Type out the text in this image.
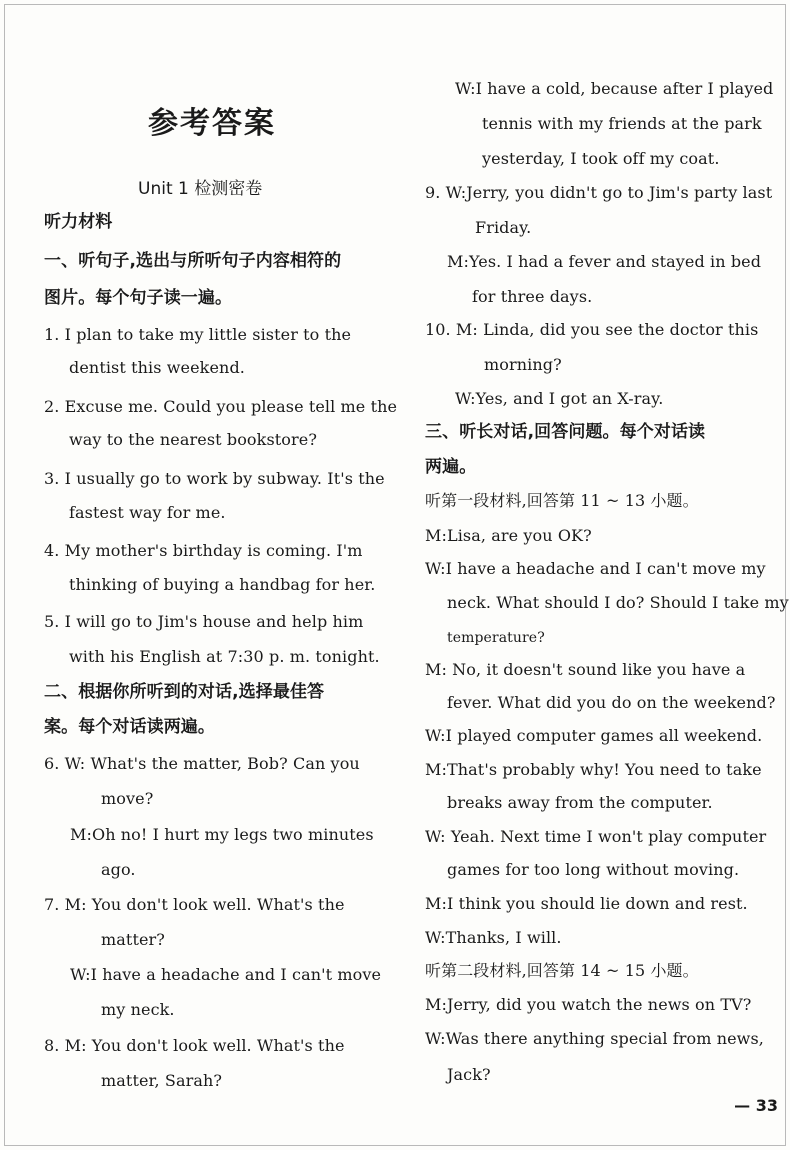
参考答案
Unit 1 检测密卷
听力材料
一、听句子,选出与所听句子内容相符的
图片。每个句子读一遍。
1. I plan to take my little sister to the
dentist this weekend.
2. Excuse me. Could you please tell me the
way to the nearest bookstore?
3. I usually go to work by subway. It's the
fastest way for me.
4. My mother's birthday is coming. I'm
thinking of buying a handbag for her.
5. I will go to Jim's house and help him
with his English at 7:30 p. m. tonight.
二、根据你所听到的对话,选择最佳答
案。每个对话读两遍。
6. W: What's the matter, Bob? Can you
move?
M:Oh no! I hurt my legs two minutes
ago.
7. M: You don't look well. What's the
matter?
W:I have a headache and I can't move
my neck.
8. M: You don't look well. What's the
matter, Sarah?
W:I have a cold, because after I played
tennis with my friends at the park
yesterday, I took off my coat.
9. W:Jerry, you didn't go to Jim's party last
Friday.
M:Yes. I had a fever and stayed in bed
for three days.
10. M: Linda, did you see the doctor this
morning?
W:Yes, and I got an X-ray.
三、听长对话,回答问题。每个对话读
两遍。
听第一段材料,回答第 11 ~ 13 小题。
M:Lisa, are you OK?
W:I have a headache and I can't move my
neck. What should I do? Should I take my
temperature?
M: No, it doesn't sound like you have a
fever. What did you do on the weekend?
W:I played computer games all weekend.
M:That's probably why! You need to take
breaks away from the computer.
W: Yeah. Next time I won't play computer
games for too long without moving.
M:I think you should lie down and rest.
W:Thanks, I will.
听第二段材料,回答第 14 ~ 15 小题。
M:Jerry, did you watch the news on TV?
W:Was there anything special from news,
Jack?
— 33
